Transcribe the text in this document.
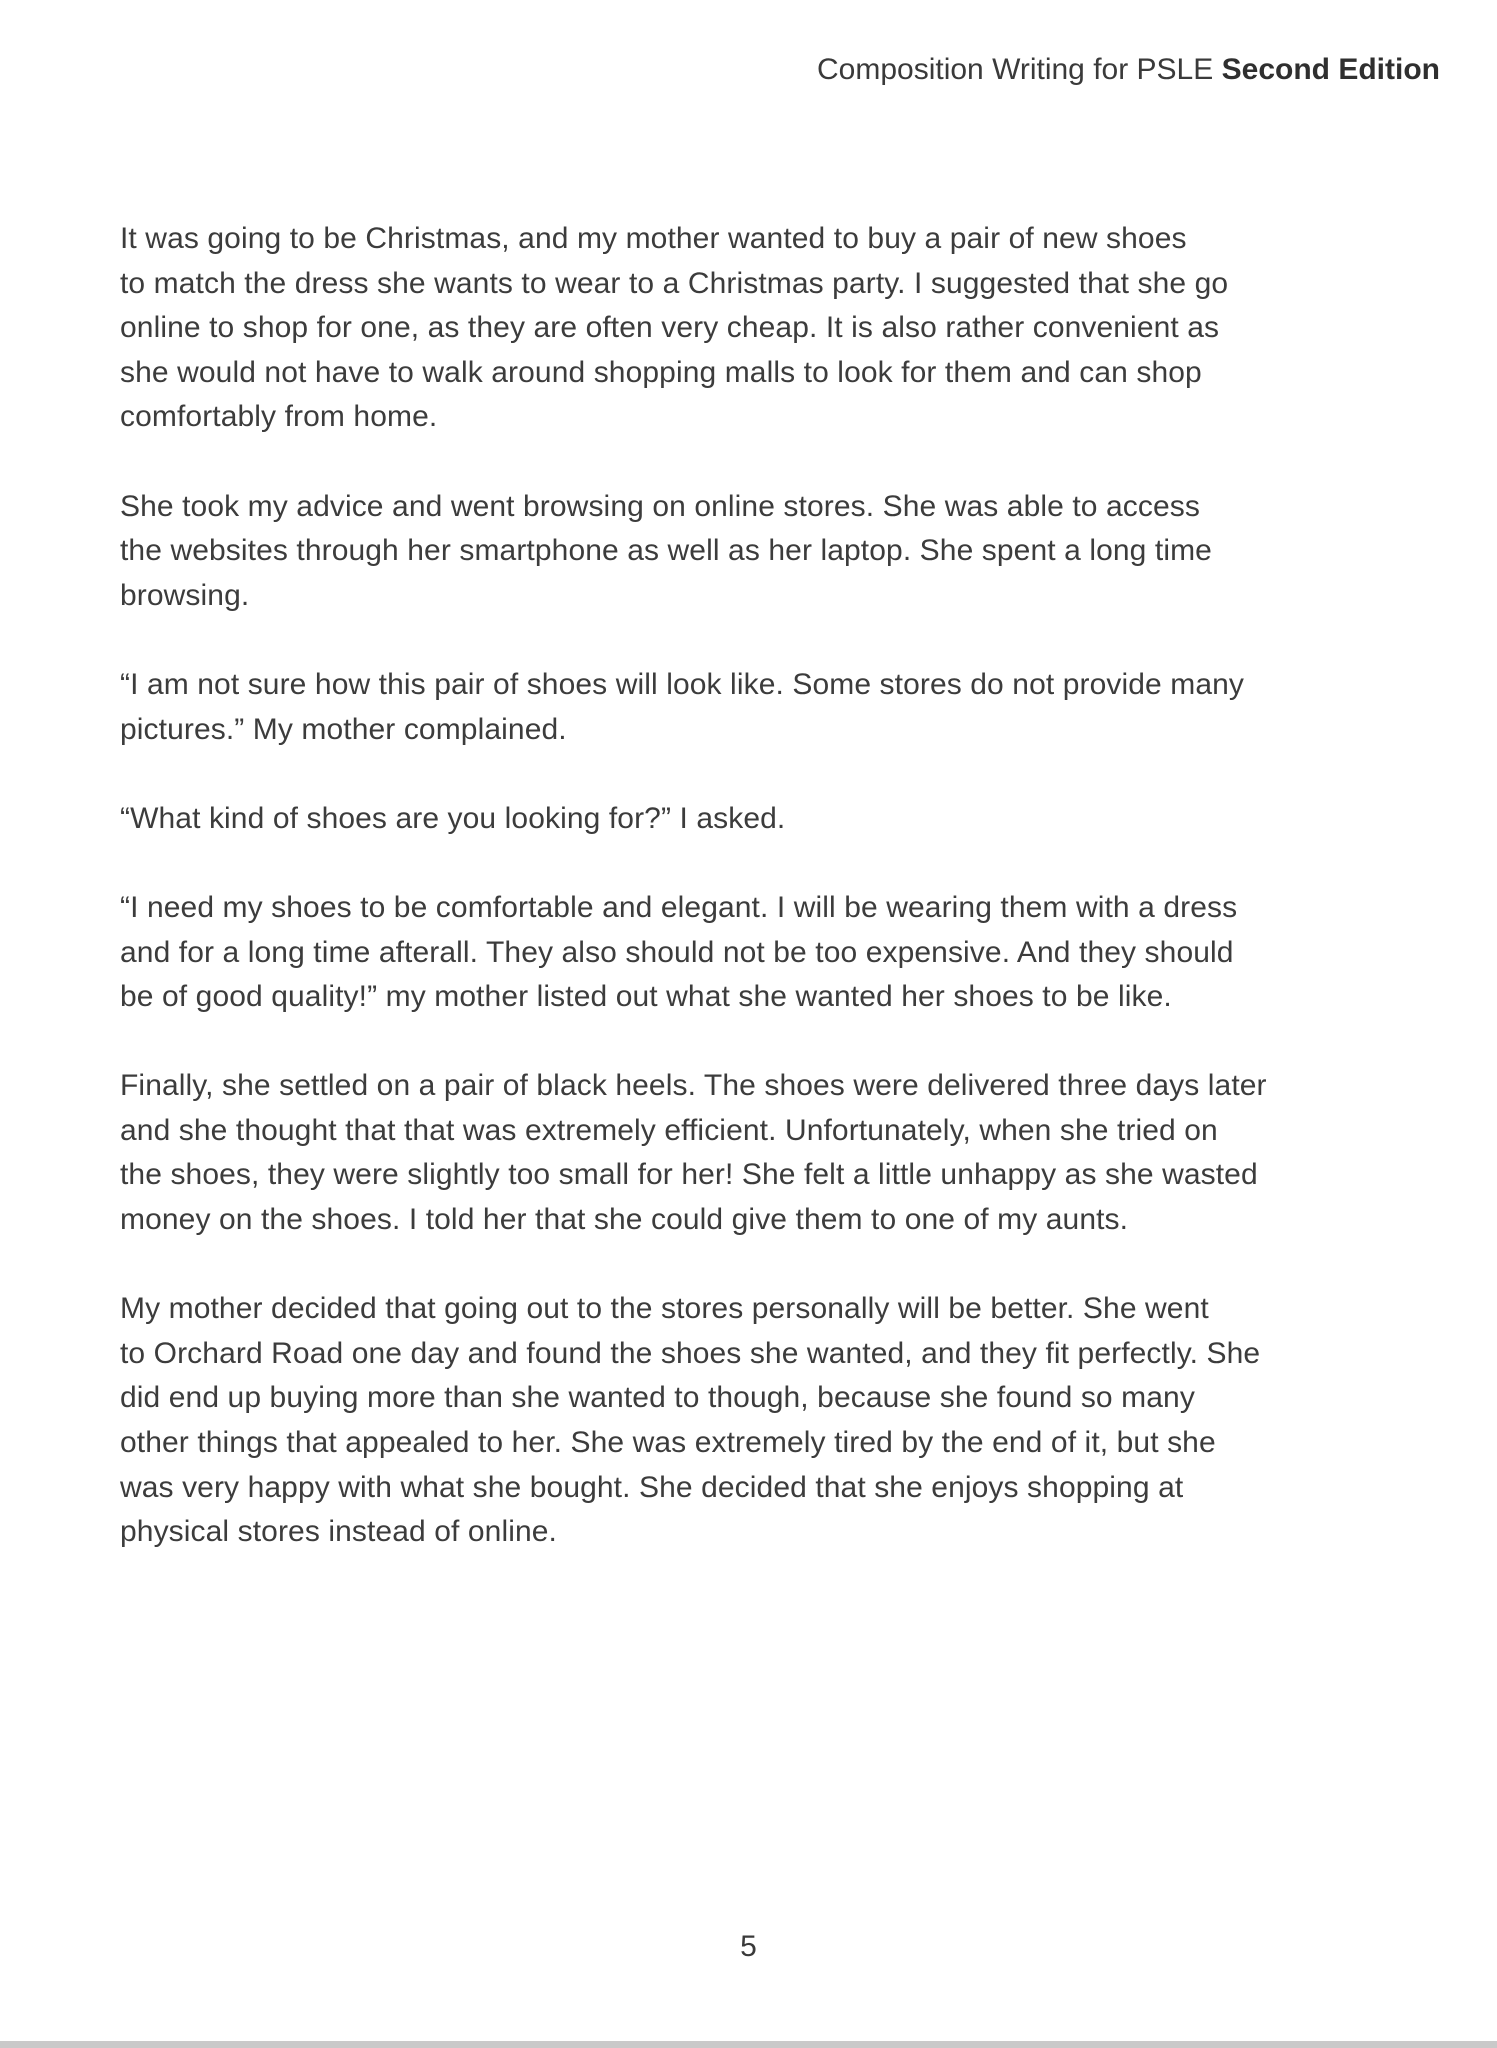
Composition Writing for PSLE Second Edition

It was going to be Christmas, and my mother wanted to buy a pair of new shoes
to match the dress she wants to wear to a Christmas party. I suggested that she go
online to shop for one, as they are often very cheap. It is also rather convenient as
she would not have to walk around shopping malls to look for them and can shop
comfortably from home.

She took my advice and went browsing on online stores. She was able to access
the websites through her smartphone as well as her laptop. She spent a long time
browsing.

“I am not sure how this pair of shoes will look like. Some stores do not provide many
pictures.” My mother complained.

“What kind of shoes are you looking for?” I asked.

“I need my shoes to be comfortable and elegant. I will be wearing them with a dress
and for a long time afterall. They also should not be too expensive. And they should
be of good quality!” my mother listed out what she wanted her shoes to be like.

Finally, she settled on a pair of black heels. The shoes were delivered three days later
and she thought that that was extremely efficient. Unfortunately, when she tried on
the shoes, they were slightly too small for her! She felt a little unhappy as she wasted
money on the shoes. I told her that she could give them to one of my aunts.

My mother decided that going out to the stores personally will be better. She went
to Orchard Road one day and found the shoes she wanted, and they fit perfectly. She
did end up buying more than she wanted to though, because she found so many
other things that appealed to her. She was extremely tired by the end of it, but she
was very happy with what she bought. She decided that she enjoys shopping at
physical stores instead of online.

5
